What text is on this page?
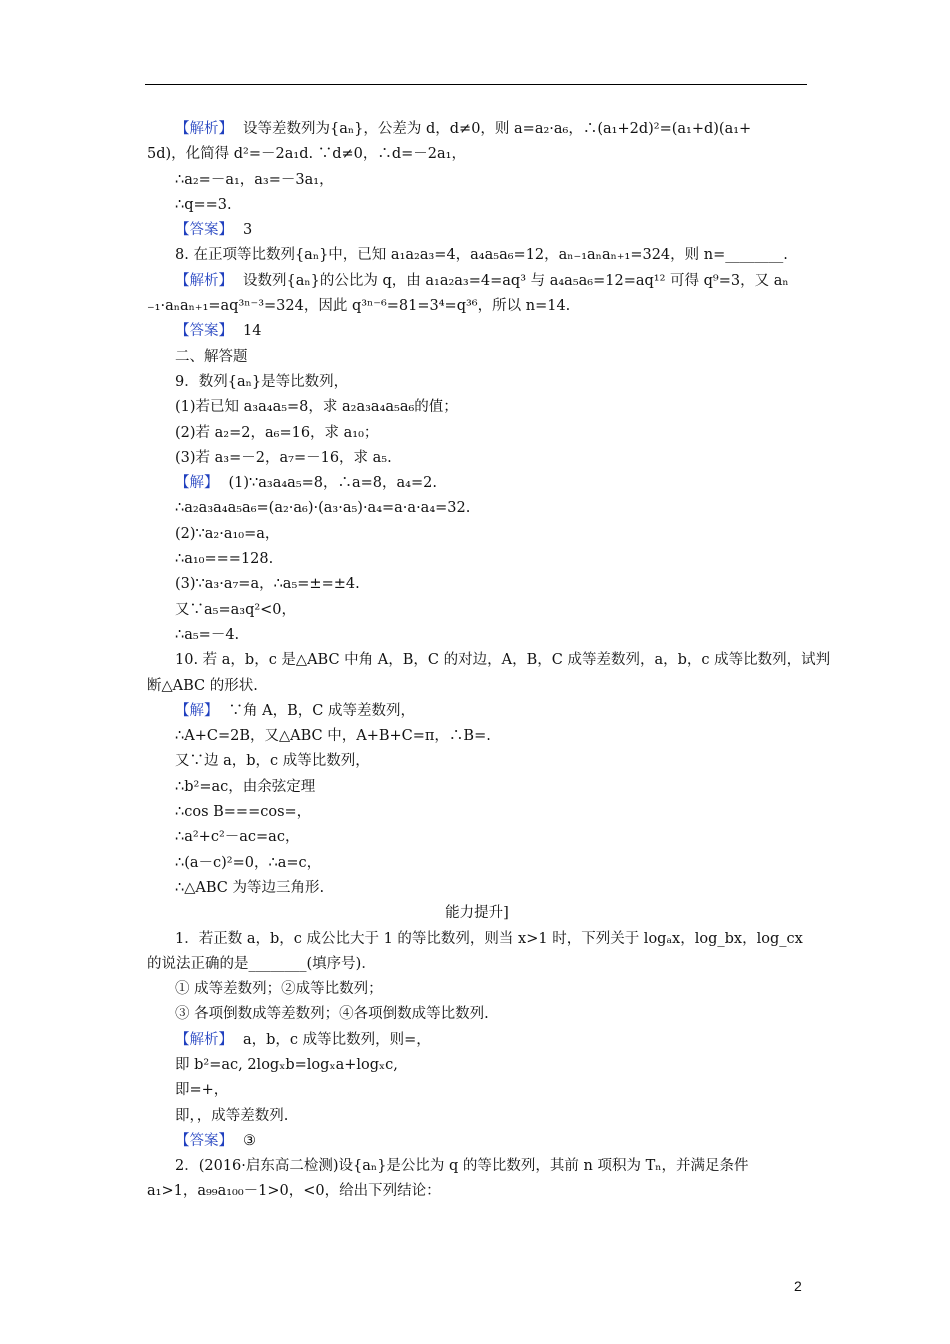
【解析】 设等差数列为{aₙ}，公差为 d，d≠0，则 a=a₂·a₆，∴(a₁+2d)²=(a₁+d)(a₁+
5d)，化简得 d²=－2a₁d. ∵d≠0，∴d=－2a₁，
∴a₂=－a₁，a₃=－3a₁，
∴q==3.
【答案】 3
8. 在正项等比数列{aₙ}中，已知 a₁a₂a₃=4，a₄a₅a₆=12，aₙ₋₁aₙaₙ₊₁=324，则 n=________.
【解析】 设数列{aₙ}的公比为 q，由 a₁a₂a₃=4=aq³ 与 a₄a₅a₆=12=aq¹² 可得 q⁹=3，又 aₙ
₋₁·aₙaₙ₊₁=aq³ⁿ⁻³=324，因此 q³ⁿ⁻⁶=81=3⁴=q³⁶，所以 n=14.
【答案】 14
二、解答题
9．数列{aₙ}是等比数列，
(1)若已知 a₃a₄a₅=8，求 a₂a₃a₄a₅a₆的值；
(2)若 a₂=2，a₆=16，求 a₁₀；
(3)若 a₃=－2，a₇=－16，求 a₅.
【解】 (1)∵a₃a₄a₅=8，∴a=8，a₄=2.
∴a₂a₃a₄a₅a₆=(a₂·a₆)·(a₃·a₅)·a₄=a·a·a₄=32.
(2)∵a₂·a₁₀=a，
∴a₁₀===128.
(3)∵a₃·a₇=a，∴a₅=±=±4.
又∵a₅=a₃q²<0，
∴a₅=－4.
10. 若 a，b，c 是△ABC 中角 A，B，C 的对边，A，B，C 成等差数列，a，b，c 成等比数列，试判
断△ABC 的形状.
【解】 ∵角 A，B，C 成等差数列，
∴A+C=2B，又△ABC 中，A+B+C=π，∴B=.
又∵边 a，b，c 成等比数列，
∴b²=ac，由余弦定理
∴cos B===cos=，
∴a²+c²－ac=ac，
∴(a－c)²=0，∴a=c，
∴△ABC 为等边三角形.
能力提升]
1．若正数 a，b，c 成公比大于 1 的等比数列，则当 x>1 时，下列关于 logₐx，log_bx，log_cx
的说法正确的是________(填序号)．
① 成等差数列；②成等比数列；
③ 各项倒数成等差数列；④各项倒数成等比数列.
【解析】 a，b，c 成等比数列，则=，
即 b²=ac, 2logₓb=logₓa+logₓc,
即=+，
即，，成等差数列.
【答案】 ③
2．(2016·启东高二检测)设{aₙ}是公比为 q 的等比数列，其前 n 项积为 Tₙ，并满足条件
a₁>1，a₉₉a₁₀₀－1>0，<0，给出下列结论：
2
